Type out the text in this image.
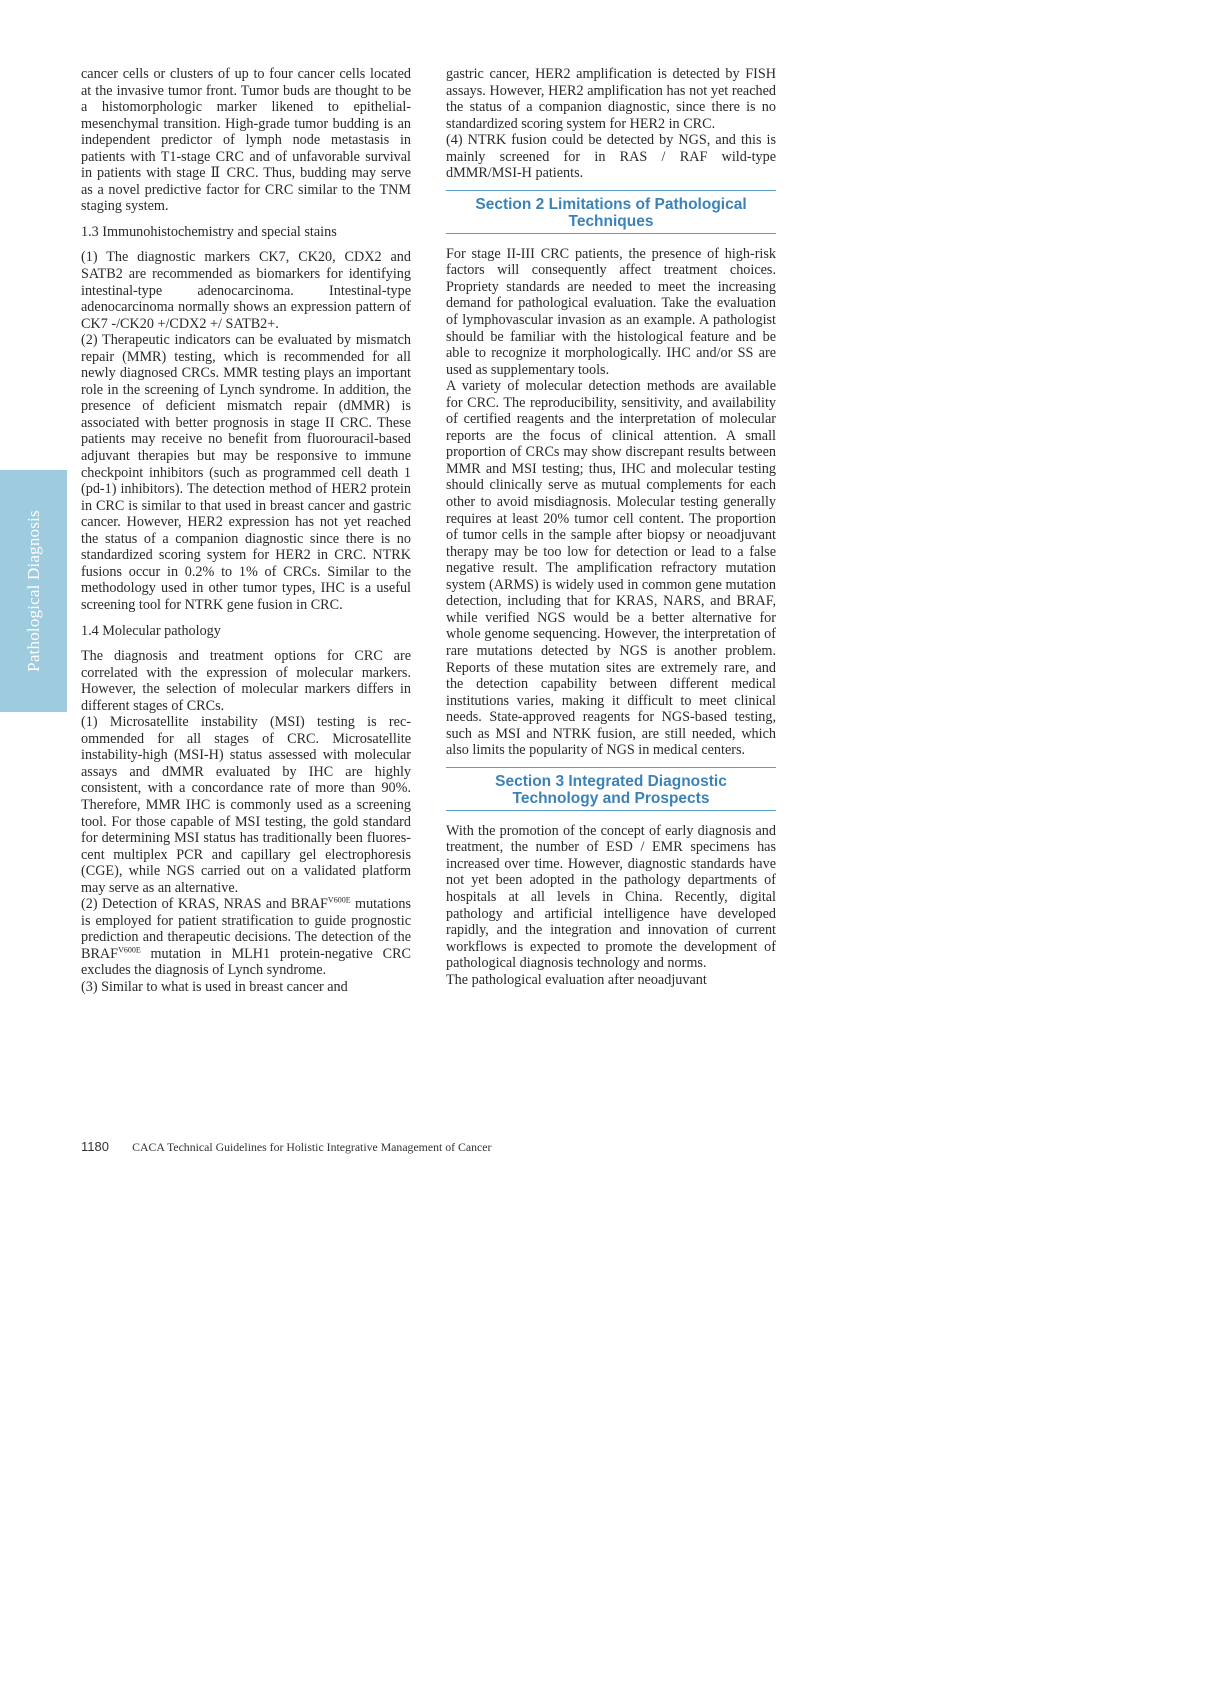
Pathological Diagnosis

cancer cells or clusters of up to four cancer cells located at the invasive tumor front. Tumor buds are thought to be a histomorphologic marker likened to epithelial-mesenchymal transition. High-grade tumor budding is an independent predictor of lymph node metastasis in patients with T1-stage CRC and of unfavorable survival in patients with stage Ⅱ CRC. Thus, budding may serve as a novel predictive factor for CRC similar to the TNM staging system.

1.3 Immunohistochemistry and special stains

(1) The diagnostic markers CK7, CK20, CDX2 and SATB2 are recommended as biomarkers for identifying intestinal-type adenocarcinoma. Intestinal-type adenocarcinoma normally shows an expression pattern of CK7 -/CK20 +/CDX2 +/ SATB2+.

(2) Therapeutic indicators can be evaluated by mismatch repair (MMR) testing, which is recommended for all newly diagnosed CRCs. MMR testing plays an important role in the screening of Lynch syndrome. In addition, the presence of deficient mismatch repair (dMMR) is associated with better prognosis in stage II CRC. These patients may receive no benefit from fluorouracil-based adjuvant therapies but may be responsive to immune checkpoint inhibitors (such as programmed cell death 1 (pd-1) inhibitors). The detection method of HER2 protein in CRC is similar to that used in breast cancer and gastric cancer. However, HER2 expression has not yet reached the status of a companion diagnostic since there is no standardized scoring system for HER2 in CRC. NTRK fusions occur in 0.2% to 1% of CRCs. Similar to the methodology used in other tumor types, IHC is a useful screening tool for NTRK gene fusion in CRC.

1.4 Molecular pathology

The diagnosis and treatment options for CRC are correlated with the expression of molecular markers. However, the selection of molecular markers differs in different stages of CRCs.

(1) Microsatellite instability (MSI) testing is recommended for all stages of CRC. Microsatellite instability-high (MSI-H) status assessed with molecular assays and dMMR evaluated by IHC are highly consistent, with a concordance rate of more than 90%. Therefore, MMR IHC is commonly used as a screening tool. For those capable of MSI testing, the gold standard for determining MSI status has traditionally been fluorescent multiplex PCR and capillary gel electrophoresis (CGE), while NGS carried out on a validated platform may serve as an alternative.

(2) Detection of KRAS, NRAS and $BRAF^{V600E}$ mutations is employed for patient stratification to guide prognostic prediction and therapeutic decisions. The detection of the $BRAF^{V600E}$ mutation in MLH1 protein-negative CRC excludes the diagnosis of Lynch syndrome.

(3) Similar to what is used in breast cancer and

gastric cancer, HER2 amplification is detected by FISH assays. However, HER2 amplification has not yet reached the status of a companion diagnostic, since there is no standardized scoring system for HER2 in CRC.

(4) NTRK fusion could be detected by NGS, and this is mainly screened for in RAS / RAF wild-type dMMR/MSI-H patients.

Section 2 Limitations of Pathological
Techniques

For stage II-III CRC patients, the presence of high-risk factors will consequently affect treatment choices. Propriety standards are needed to meet the increasing demand for pathological evaluation. Take the evaluation of lymphovascular invasion as an example. A pathologist should be familiar with the histological feature and be able to recognize it morphologically. IHC and/or SS are used as supplementary tools.

A variety of molecular detection methods are available for CRC. The reproducibility, sensitivity, and availability of certified reagents and the interpretation of molecular reports are the focus of clinical attention. A small proportion of CRCs may show discrepant results between MMR and MSI testing; thus, IHC and molecular testing should clinically serve as mutual complements for each other to avoid misdiagnosis. Molecular testing generally requires at least 20% tumor cell content. The proportion of tumor cells in the sample after biopsy or neoadjuvant therapy may be too low for detection or lead to a false negative result. The amplification refractory mutation system (ARMS) is widely used in common gene mutation detection, including that for KRAS, NARS, and BRAF, while verified NGS would be a better alternative for whole genome sequencing. However, the interpretation of rare mutations detected by NGS is another problem. Reports of these mutation sites are extremely rare, and the detection capability between different medical institutions varies, making it difficult to meet clinical needs. State-approved reagents for NGS-based testing, such as MSI and NTRK fusion, are still needed, which also limits the popularity of NGS in medical centers.

Section 3 Integrated Diagnostic
Technology and Prospects

With the promotion of the concept of early diagnosis and treatment, the number of ESD / EMR specimens has increased over time. However, diagnostic standards have not yet been adopted in the pathology departments of hospitals at all levels in China. Recently, digital pathology and artificial intelligence have developed rapidly, and the integration and innovation of current workflows is expected to promote the development of pathological diagnosis technology and norms.

The pathological evaluation after neoadjuvant

1180 CACA Technical Guidelines for Holistic Integrative Management of Cancer
